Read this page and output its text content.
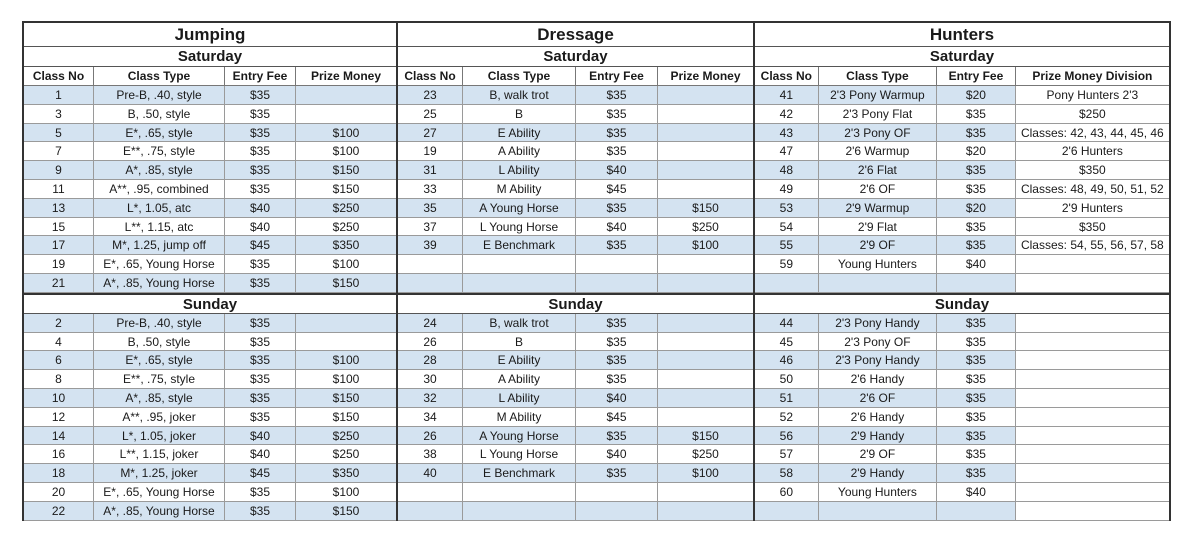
Jumping
Saturday
Class No	Class Type	Entry Fee	Prize Money
1	Pre-B, .40, style	$35
3	B, .50, style	$35
5	E*, .65, style	$35	$100
7	E**, .75, style	$35	$100
9	A*, .85, style	$35	$150
11	A**, .95, combined	$35	$150
13	L*, 1.05, atc	$40	$250
15	L**, 1.15, atc	$40	$250
17	M*, 1.25, jump off	$45	$350
19	E*, .65, Young Horse	$35	$100
21	A*, .85, Young Horse	$35	$150
Sunday
2	Pre-B, .40, style	$35
4	B, .50, style	$35
6	E*, .65, style	$35	$100
8	E**, .75, style	$35	$100
10	A*, .85, style	$35	$150
12	A**, .95, joker	$35	$150
14	L*, 1.05, joker	$40	$250
16	L**, 1.15, joker	$40	$250
18	M*, 1.25, joker	$45	$350
20	E*, .65, Young Horse	$35	$100
22	A*, .85, Young Horse	$35	$150
Dressage
Saturday
Class No	Class Type	Entry Fee	Prize Money
23	B, walk trot	$35
25	B	$35
27	E Ability	$35
19	A Ability	$35
31	L Ability	$40
33	M Ability	$45
35	A Young Horse	$35	$150
37	L Young Horse	$40	$250
39	E Benchmark	$35	$100
Sunday
24	B, walk trot	$35
26	B	$35
28	E Ability	$35
30	A Ability	$35
32	L Ability	$40
34	M Ability	$45
26	A Young Horse	$35	$150
38	L Young Horse	$40	$250
40	E Benchmark	$35	$100
Hunters
Saturday
Class No	Class Type	Entry Fee	Prize Money Division
41	2'3 Pony Warmup	$20	Pony Hunters 2'3
42	2'3 Pony Flat	$35	$250
43	2'3 Pony OF	$35	Classes: 42, 43, 44, 45, 46
47	2'6 Warmup	$20	2'6 Hunters
48	2'6 Flat	$35	$350
49	2'6 OF	$35	Classes: 48, 49, 50, 51, 52
53	2'9 Warmup	$20	2'9 Hunters
54	2'9 Flat	$35	$350
55	2'9 OF	$35	Classes: 54, 55, 56, 57, 58
59	Young Hunters	$40
Sunday
44	2'3 Pony Handy	$35
45	2'3 Pony OF	$35
46	2'3 Pony Handy	$35
50	2'6 Handy	$35
51	2'6 OF	$35
52	2'6 Handy	$35
56	2'9 Handy	$35
57	2'9 OF	$35
58	2'9 Handy	$35
60	Young Hunters	$40
